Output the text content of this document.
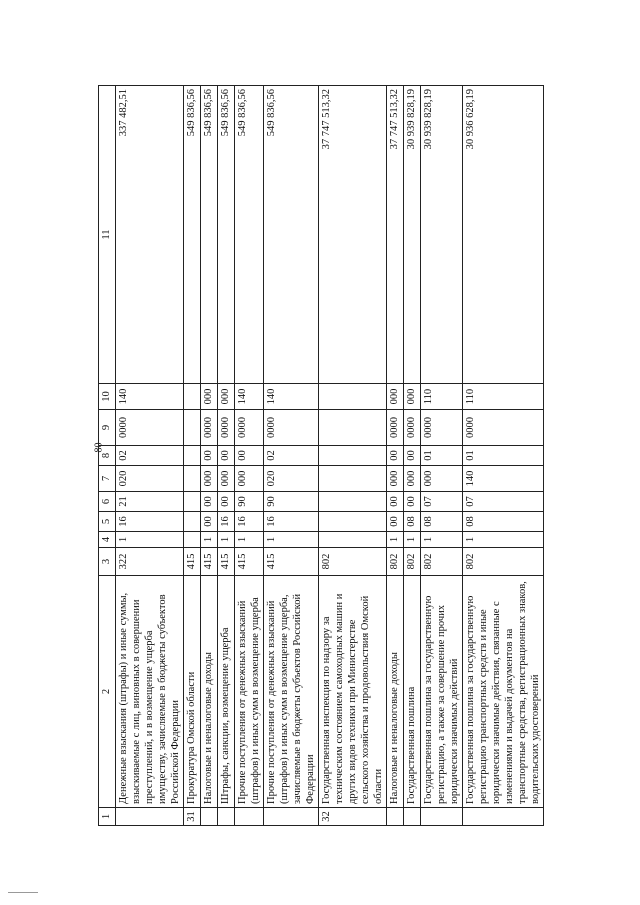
80
1	2	3	4	5	6	7	8	9	10	11
	Денежные взыскания (штрафы) и иные суммы, взыскиваемые с лиц, виновных в совершении преступлений, и в возмещение ущерба имуществу, зачисляемые в бюджеты субъектов Российской Федерации	322	1	16	21	020	02	0000	140	337 482,51
31	Прокуратура Омской области	415								549 836,56
	Налоговые и неналоговые доходы	415	1	00	00	000	00	0000	000	549 836,56
	Штрафы, санкции, возмещение ущерба	415	1	16	00	000	00	0000	000	549 836,56
	Прочие поступления от денежных взысканий (штрафов) и иных сумм в возмещение ущерба	415	1	16	90	000	00	0000	140	549 836,56
	Прочие поступления от денежных взысканий (штрафов) и иных сумм в возмещение ущерба, зачисляемые в бюджеты субъектов Российской Федерации	415	1	16	90	020	02	0000	140	549 836,56
32	Государственная инспекция по надзору за техническим состоянием самоходных машин и других видов техники при Министерстве сельского хозяйства и продовольствия Омской области	802								37 747 513,32
	Налоговые и неналоговые доходы	802	1	00	00	000	00	0000	000	37 747 513,32
	Государственная пошлина	802	1	08	00	000	00	0000	000	30 939 828,19
	Государственная пошлина за государственную регистрацию, а также за совершение прочих юридически значимых действий	802	1	08	07	000	01	0000	110	30 939 828,19
	Государственная пошлина за государственную регистрацию транспортных средств и иные юридически значимые действия, связанные с изменениями и выдачей документов на транспортные средства, регистрационных знаков, водительских удостоверений	802	1	08	07	140	01	0000	110	30 936 628,19
